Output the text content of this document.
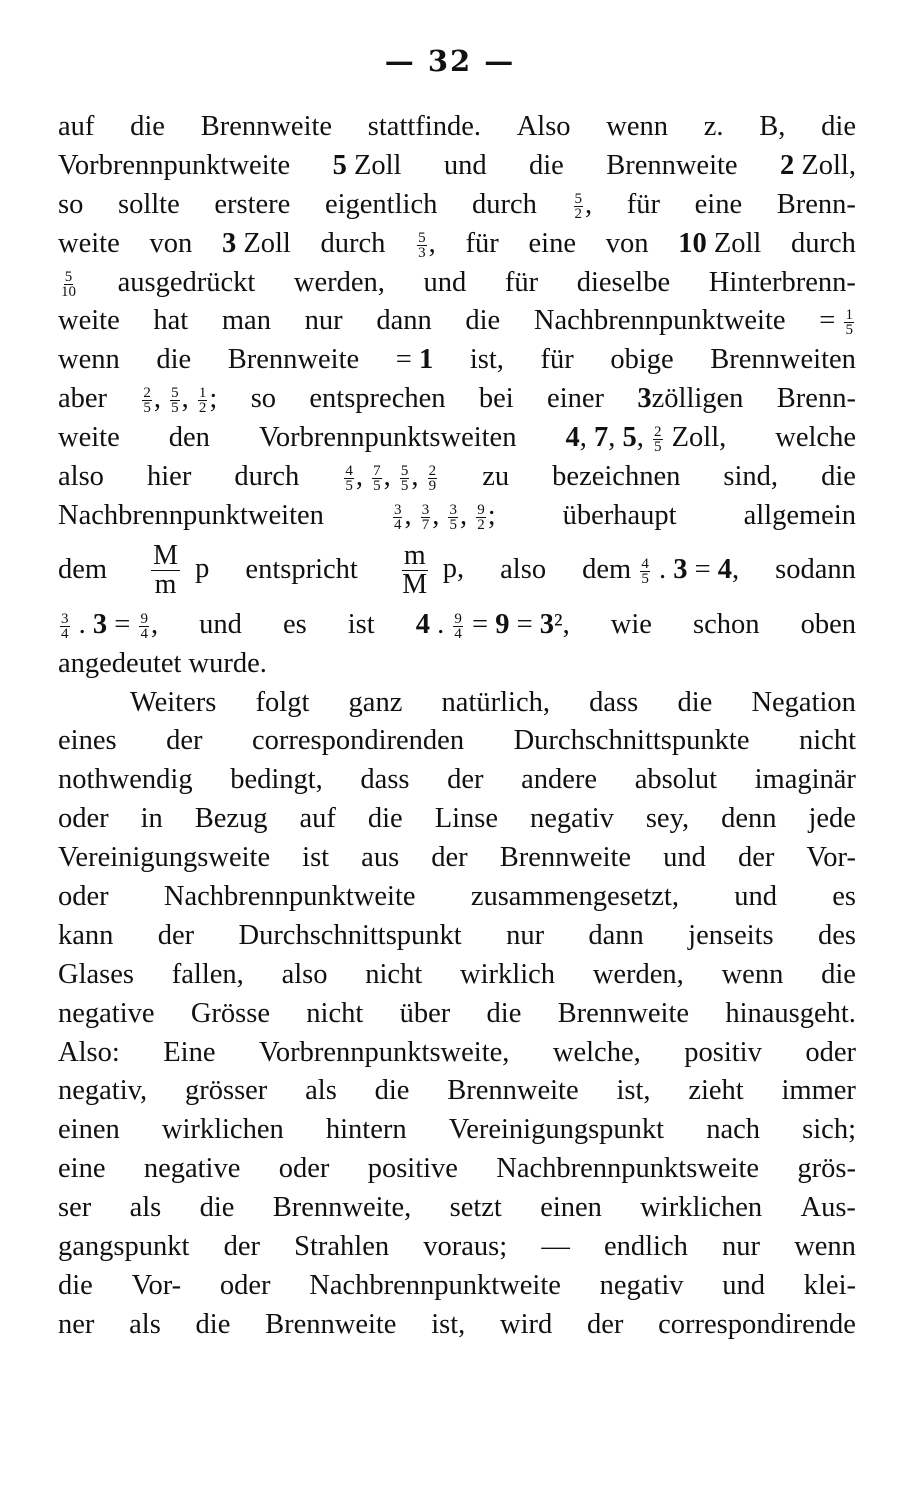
— 32 —
auf die Brennweite stattfinde. Also wenn z. B, die
Vorbrennpunktweite 5 Zoll und die Brennweite 2 Zoll,
so sollte erstere eigentlich durch $\frac{5}{2}$ , für eine Brenn-
weite von 3 Zoll durch $\frac{5}{3}$ , für eine von 10 Zoll durch
$\frac{5}{10}$ ausgedrückt werden, und für dieselbe Hinterbrenn-
weite hat man nur dann die Nachbrennpunktweite = $\frac{1}{5}$
wenn die Brennweite = 1 ist, für obige Brennweiten
aber $\frac{2}{5}$ , $\frac{5}{5}$ , $\frac{1}{2}$ ; so entsprechen bei einer 3zölligen Brenn-
weite den Vorbrennpunktsweiten 4, 7, 5, $\frac{2}{5}$ Zoll, welche
also hier durch	$\frac{4}{5}$ , $\frac{7}{5}$ , $\frac{5}{5}$ , $\frac{2}{9}$ zu bezeichnen sind, die
Nachbrennpunktweiten	$\frac{3}{4}$ , $\frac{3}{7}$ , $\frac{3}{5}$ , $\frac{9}{2}$ ; überhaupt allgemein
dem $\frac{M}{m}$ p entspricht $\frac{m}{M} p$, also dem $\frac{4}{5}$ . 3 = 4, sodann
$\frac{3}{4}$ . $3 = \frac{9}{4}$ , und es ist 4 . $\frac{9}{4} = 9 = 3^2$, wie schon oben
angedeutet wurde.
Weiters folgt ganz natürlich, dass die Negation
eines der correspondirenden Durchschnittspunkte nicht
nothwendig bedingt, dass der andere absolut imaginär
oder in Bezug auf die Linse negativ sey, denn jede
Vereinigungsweite ist aus der Brennweite und der Vor-
oder Nachbrennpunktweite zusammengesetzt, und es
kann der Durchschnittspunkt nur dann jenseits des
Glases fallen, also nicht wirklich werden, wenn die
negative Grösse nicht über die Brennweite hinausgeht.
Also: Eine Vorbrennpunktsweite, welche, positiv oder
negativ, grösser als die Brennweite ist, zieht immer
einen wirklichen hintern Vereinigungspunkt nach sich;
eine negative oder positive Nachbrennpunktsweite grös-
ser als die Brennweite, setzt einen wirklichen Aus-
gangspunkt der Strahlen voraus; — endlich nur wenn
die Vor- oder Nachbrennpunktweite negativ und klei-
ner als die Brennweite ist, wird der correspondirende
